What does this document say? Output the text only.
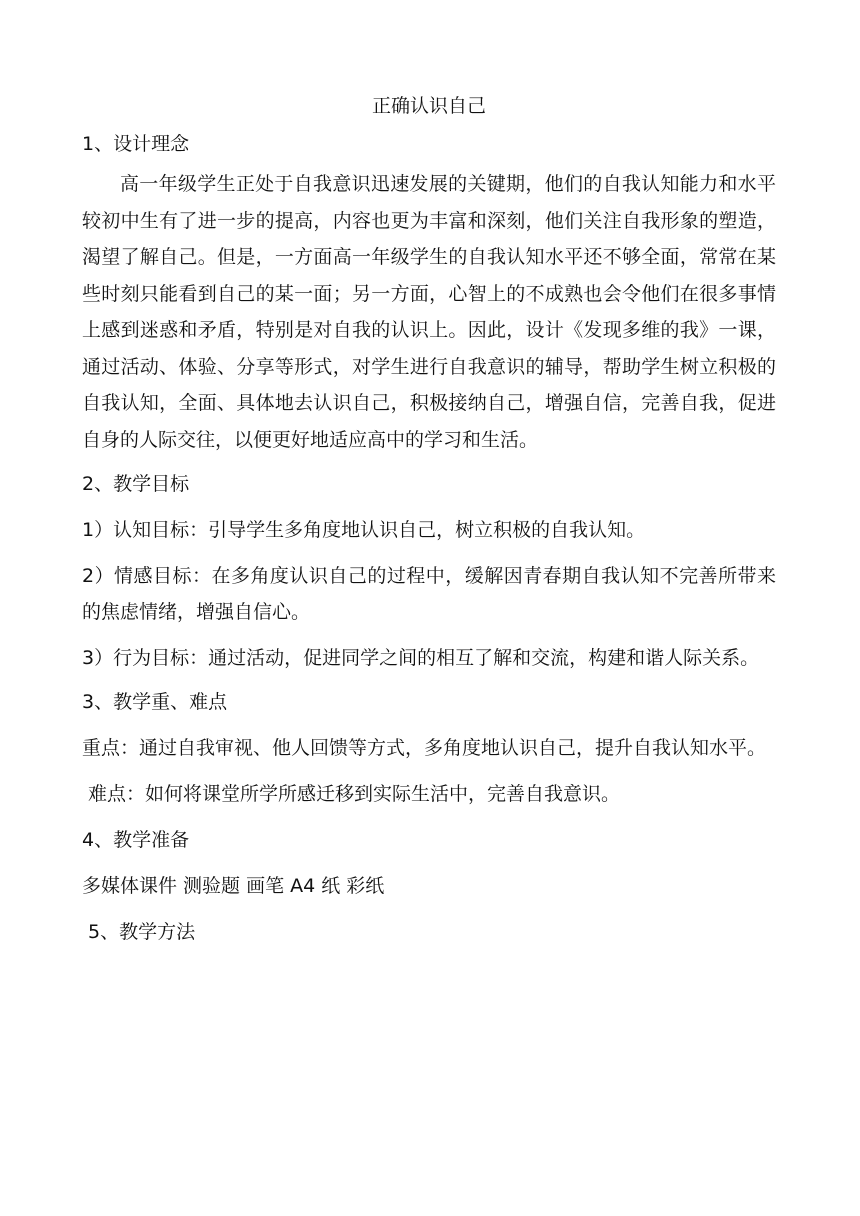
正确认识自己
1、设计理念

高一年级学生正处于自我意识迅速发展的关键期，他们的自我认知能力和水平较初中生有了进一步的提高，内容也更为丰富和深刻，他们关注自我形象的塑造，渴望了解自己。但是，一方面高一年级学生的自我认知水平还不够全面，常常在某些时刻只能看到自己的某一面；另一方面，心智上的不成熟也会令他们在很多事情上感到迷惑和矛盾，特别是对自我的认识上。因此，设计《发现多维的我》一课，通过活动、体验、分享等形式，对学生进行自我意识的辅导，帮助学生树立积极的自我认知，全面、具体地去认识自己，积极接纳自己，增强自信，完善自我，促进自身的人际交往，以便更好地适应高中的学习和生活。

2、教学目标

1）认知目标：引导学生多角度地认识自己，树立积极的自我认知。

2）情感目标：在多角度认识自己的过程中，缓解因青春期自我认知不完善所带来的焦虑情绪，增强自信心。

3）行为目标：通过活动，促进同学之间的相互了解和交流，构建和谐人际关系。

3、教学重、难点

重点：通过自我审视、他人回馈等方式，多角度地认识自己，提升自我认知水平。

难点：如何将课堂所学所感迁移到实际生活中，完善自我意识。

4、教学准备

多媒体课件 测验题 画笔 A4 纸 彩纸

5、教学方法
